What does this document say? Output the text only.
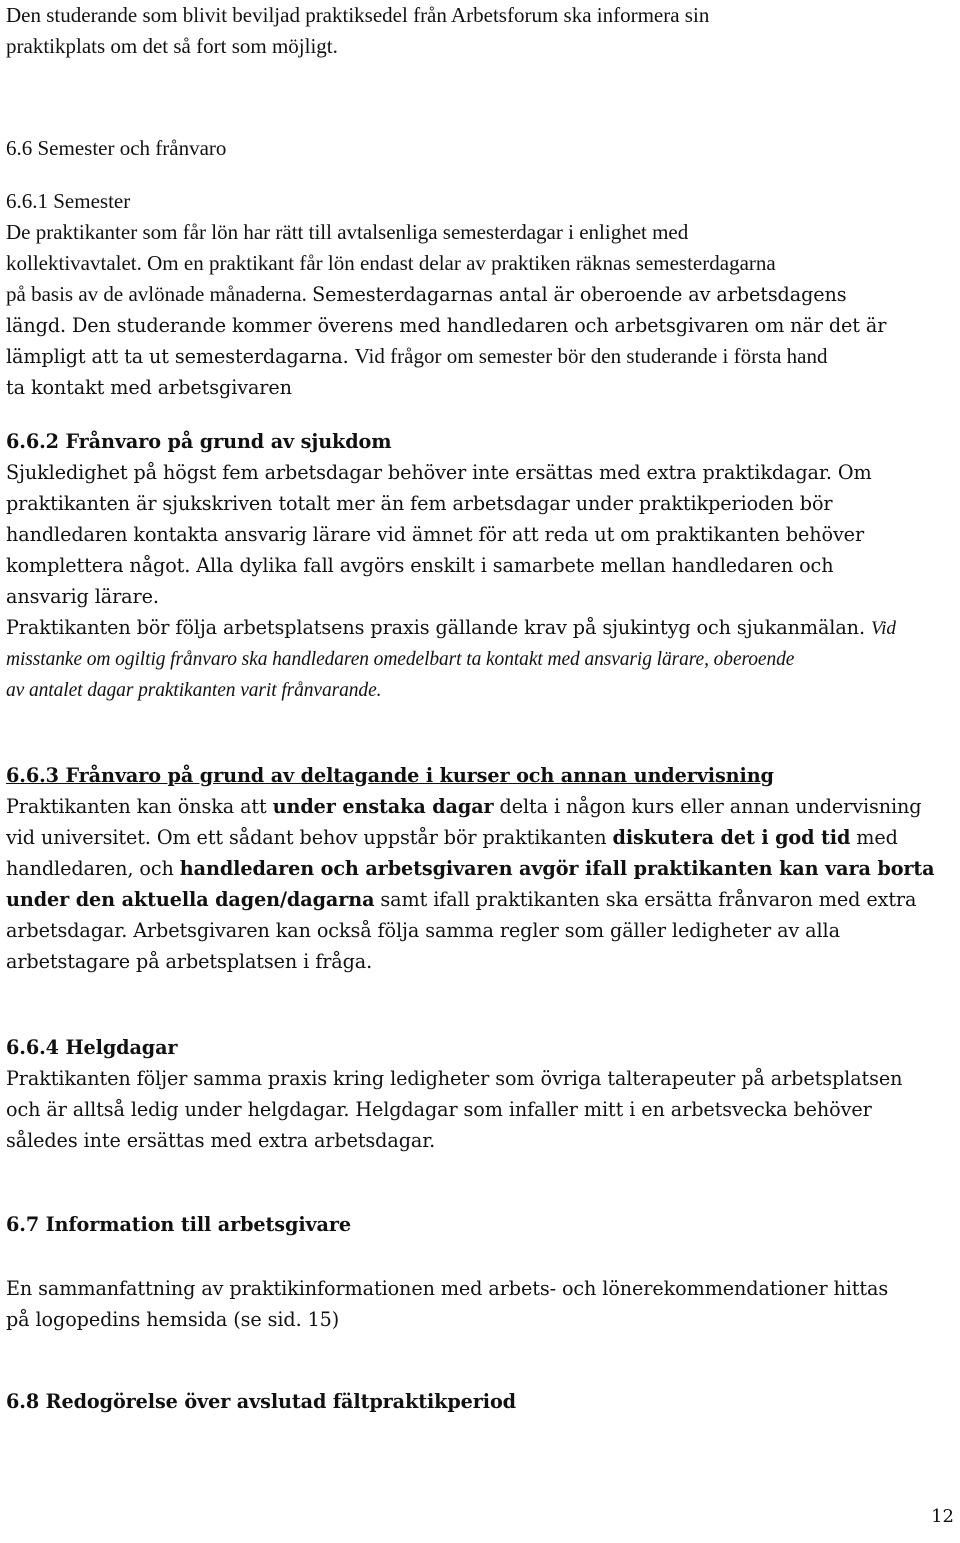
Den studerande som blivit beviljad praktiksedel från Arbetsforum ska informera sin
praktikplats om det så fort som möjligt.
6.6 Semester och frånvaro
6.6.1 Semester
De praktikanter som får lön har rätt till avtalsenliga semesterdagar i enlighet med
kollektivavtalet. Om en praktikant får lön endast delar av praktiken räknas semesterdagarna
på basis av de avlönade månaderna. Semesterdagarnas antal är oberoende av arbetsdagens
längd. Den studerande kommer överens med handledaren och arbetsgivaren om när det är
lämpligt att ta ut semesterdagarna. Vid frågor om semester bör den studerande i första hand
ta kontakt med arbetsgivaren
6.6.2 Frånvaro på grund av sjukdom
Sjukledighet på högst fem arbetsdagar behöver inte ersättas med extra praktikdagar. Om
praktikanten är sjukskriven totalt mer än fem arbetsdagar under praktikperioden bör
handledaren kontakta ansvarig lärare vid ämnet för att reda ut om praktikanten behöver
komplettera något. Alla dylika fall avgörs enskilt i samarbete mellan handledaren och
ansvarig lärare.
Praktikanten bör följa arbetsplatsens praxis gällande krav på sjukintyg och sjukanmälan. Vid
misstanke om ogiltig frånvaro ska handledaren omedelbart ta kontakt med ansvarig lärare, oberoende
av antalet dagar praktikanten varit frånvarande.
6.6.3 Frånvaro på grund av deltagande i kurser och annan undervisning
Praktikanten kan önska att under enstaka dagar delta i någon kurs eller annan undervisning
vid universitet. Om ett sådant behov uppstår bör praktikanten diskutera det i god tid med
handledaren, och handledaren och arbetsgivaren avgör ifall praktikanten kan vara borta
under den aktuella dagen/dagarna samt ifall praktikanten ska ersätta frånvaron med extra
arbetsdagar. Arbetsgivaren kan också följa samma regler som gäller ledigheter av alla
arbetstagare på arbetsplatsen i fråga.
6.6.4 Helgdagar
Praktikanten följer samma praxis kring ledigheter som övriga talterapeuter på arbetsplatsen
och är alltså ledig under helgdagar. Helgdagar som infaller mitt i en arbetsvecka behöver
således inte ersättas med extra arbetsdagar.
6.7 Information till arbetsgivare
En sammanfattning av praktikinformationen med arbets- och lönerekommendationer hittas
på logopedins hemsida (se sid. 15)
6.8 Redogörelse över avslutad fältpraktikperiod
12
